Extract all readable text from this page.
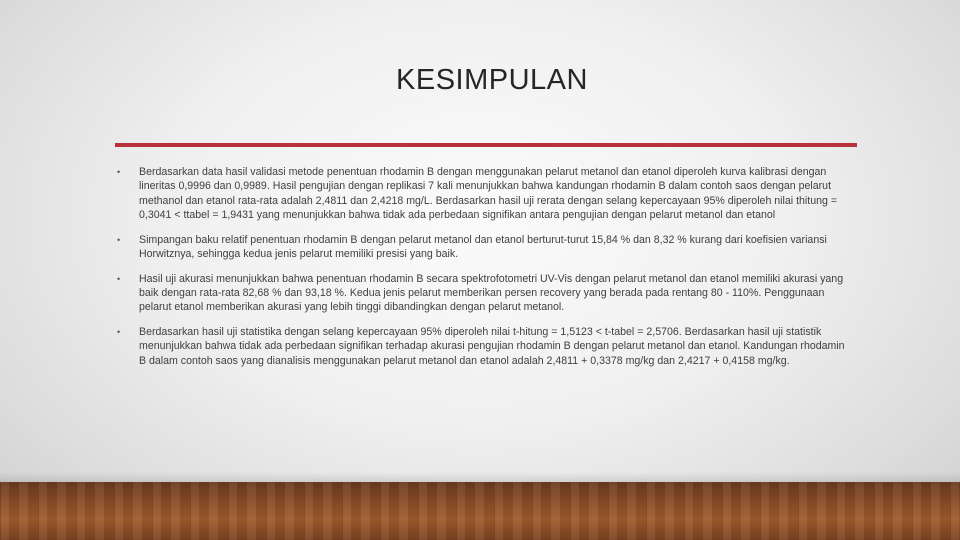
KESIMPULAN
• Berdasarkan data hasil validasi metode penentuan rhodamin B dengan menggunakan pelarut metanol dan etanol diperoleh kurva kalibrasi dengan lineritas 0,9996 dan 0,9989. Hasil pengujian dengan replikasi 7 kali menunjukkan bahwa kandungan rhodamin B dalam contoh saos dengan pelarut methanol dan etanol rata-rata adalah 2,4811 dan 2,4218 mg/L. Berdasarkan hasil uji rerata dengan selang kepercayaan 95% diperoleh nilai thitung = 0,3041 < ttabel = 1,9431 yang menunjukkan bahwa tidak ada perbedaan signifikan antara pengujian dengan pelarut metanol dan etanol
• Simpangan baku relatif penentuan rhodamin B dengan pelarut metanol dan etanol berturut-turut 15,84 % dan 8,32 % kurang dari koefisien variansi Horwitznya, sehingga kedua jenis pelarut memiliki presisi yang baik.
• Hasil uji akurasi menunjukkan bahwa penentuan rhodamin B secara spektrofotometri UV-Vis dengan pelarut metanol dan etanol memiliki akurasi yang baik dengan rata-rata 82,68 % dan 93,18 %. Kedua jenis pelarut memberikan persen recovery yang berada pada rentang 80 - 110%. Penggunaan pelarut etanol memberikan akurasi yang lebih tinggi dibandingkan dengan pelarut metanol.
• Berdasarkan hasil uji statistika dengan selang kepercayaan 95% diperoleh nilai t-hitung = 1,5123 < t-tabel = 2,5706. Berdasarkan hasil uji statistik menunjukkan bahwa tidak ada perbedaan signifikan terhadap akurasi pengujian rhodamin B dengan pelarut metanol dan etanol. Kandungan rhodamin B dalam contoh saos yang dianalisis menggunakan pelarut metanol dan etanol adalah 2,4811 + 0,3378 mg/kg dan 2,4217 + 0,4158 mg/kg.
